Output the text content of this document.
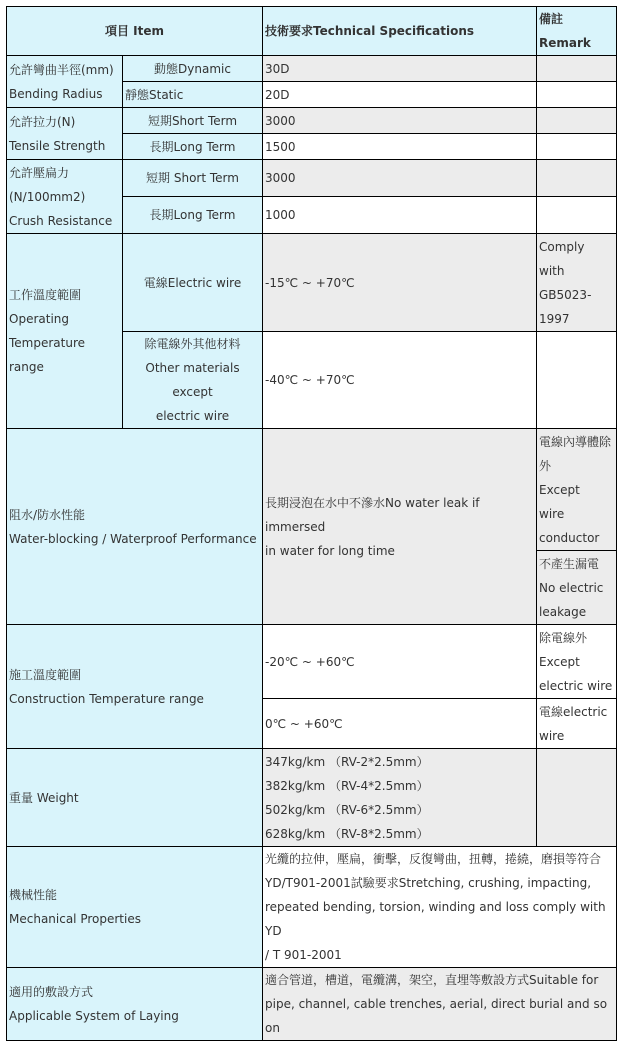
項目 Item		技術要求Technical Specifications	備註Remark

允許彎曲半徑(mm)
Bending Radius	動態Dynamic	30D	
	靜態Static	20D	

允許拉力(N)
Tensile Strength	短期Short Term	3000	
	長期Long Term	1500	

允許壓扁力
(N/100mm2)
Crush Resistance	短期 Short Term	3000	
	長期Long Term	1000	

工作溫度範圍
Operating
Temperature range	電線Electric wire	-15℃ ~ +70℃	Comply
with
GB5023-
1997

	除電線外其他材料
Other materials except
electric wire	-40℃ ~ +70℃	

阻水/防水性能
Water-blocking / Waterproof Performance		長期浸泡在水中不滲水No water leak if immersed
in water for long time	電線內導體除
外
Except
wire
conductor

			不產生漏電
No electric
leakage

施工溫度範圍
Construction Temperature range		-20℃ ~ +60℃	除電線外
Except
electric wire

		0℃ ~ +60℃	電線electric
wire

重量 Weight		347kg/km （RV-2*2.5mm）
382kg/km （RV-4*2.5mm）
502kg/km （RV-6*2.5mm）
628kg/km （RV-8*2.5mm）	

機械性能
Mechanical Properties		光纜的拉伸，壓扁，衝擊，反復彎曲，扭轉，捲繞，磨損等符合
YD/T901-2001試驗要求Stretching, crushing, impacting,
repeated bending, torsion, winding and loss comply with YD
/ T 901-2001	

適用的敷設方式
Applicable System of Laying		適合管道，槽道，電纜溝，架空，直埋等敷設方式Suitable for
pipe, channel, cable trenches, aerial, direct burial and so on	
